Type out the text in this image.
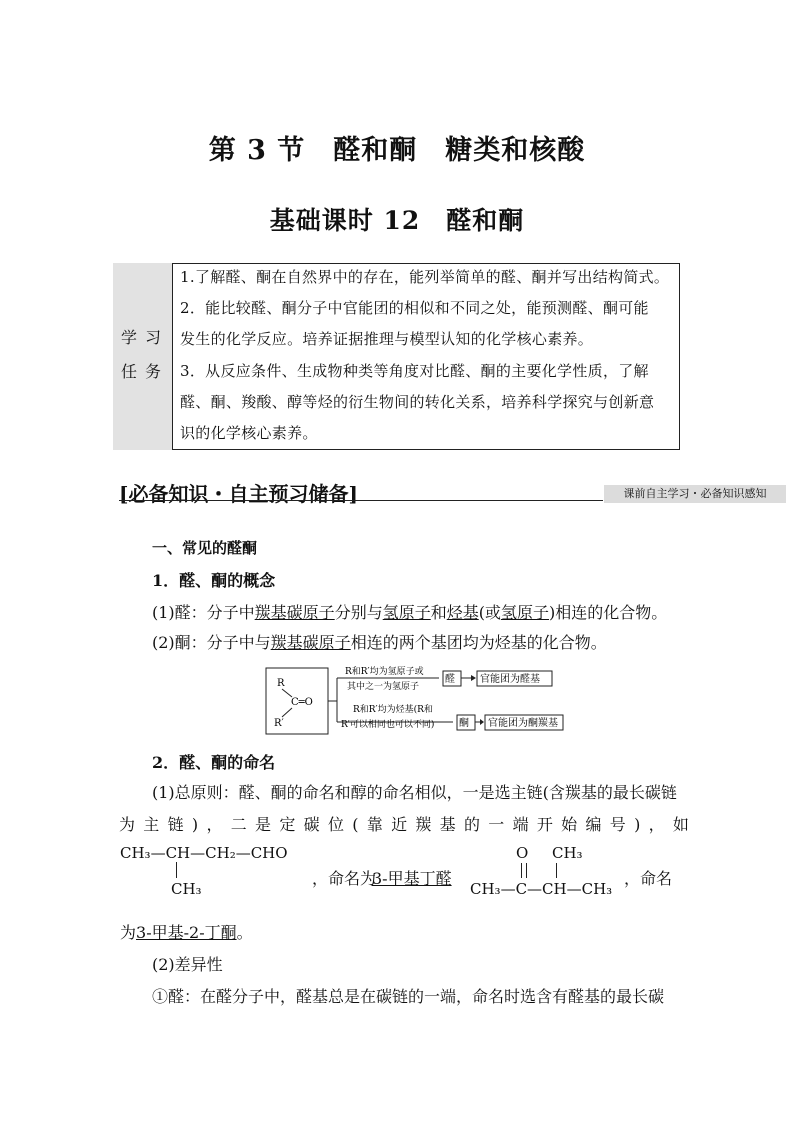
第 3 节　醛和酮　糖类和核酸
基础课时 12　醛和酮
学习
任务
1.了解醛、酮在自然界中的存在，能列举简单的醛、酮并写出结构简式。
2．能比较醛、酮分子中官能团的相似和不同之处，能预测醛、酮可能
发生的化学反应。培养证据推理与模型认知的化学核心素养。
3．从反应条件、生成物种类等角度对比醛、酮的主要化学性质，了解
醛、酮、羧酸、醇等烃的衍生物间的转化关系，培养科学探究与创新意
识的化学核心素养。
[必备知识・自主预习储备]	课前自主学习・必备知识感知
一、常见的醛酮
1．醛、酮的概念
(1)醛：分子中羰基碳原子分别与氢原子和烃基(或氢原子)相连的化合物。
(2)酮：分子中与羰基碳原子相连的两个基团均为烃基的化合物。
R
C═O
R′
R和R′均为氢原子或
其中之一为氢原子
醛	官能团为醛基
R和R′均为烃基(R和
R′可以相同也可以不同) 酮 官能团为酮羰基
2．醛、酮的命名
(1)总原则：醛、酮的命名和醇的命名相似，一是选主链(含羰基的最长碳链
为主链)，二是定碳位(靠近羰基的一端开始编号)，如
CH₃—CH—CH₂—CHO
CH₃
，命名为
3-甲基丁醛
O CH₃
CH₃—C—CH—CH₃
，命名
为3-甲基-2-丁酮。
(2)差异性
①醛：在醛分子中，醛基总是在碳链的一端，命名时选含有醛基的最长碳
